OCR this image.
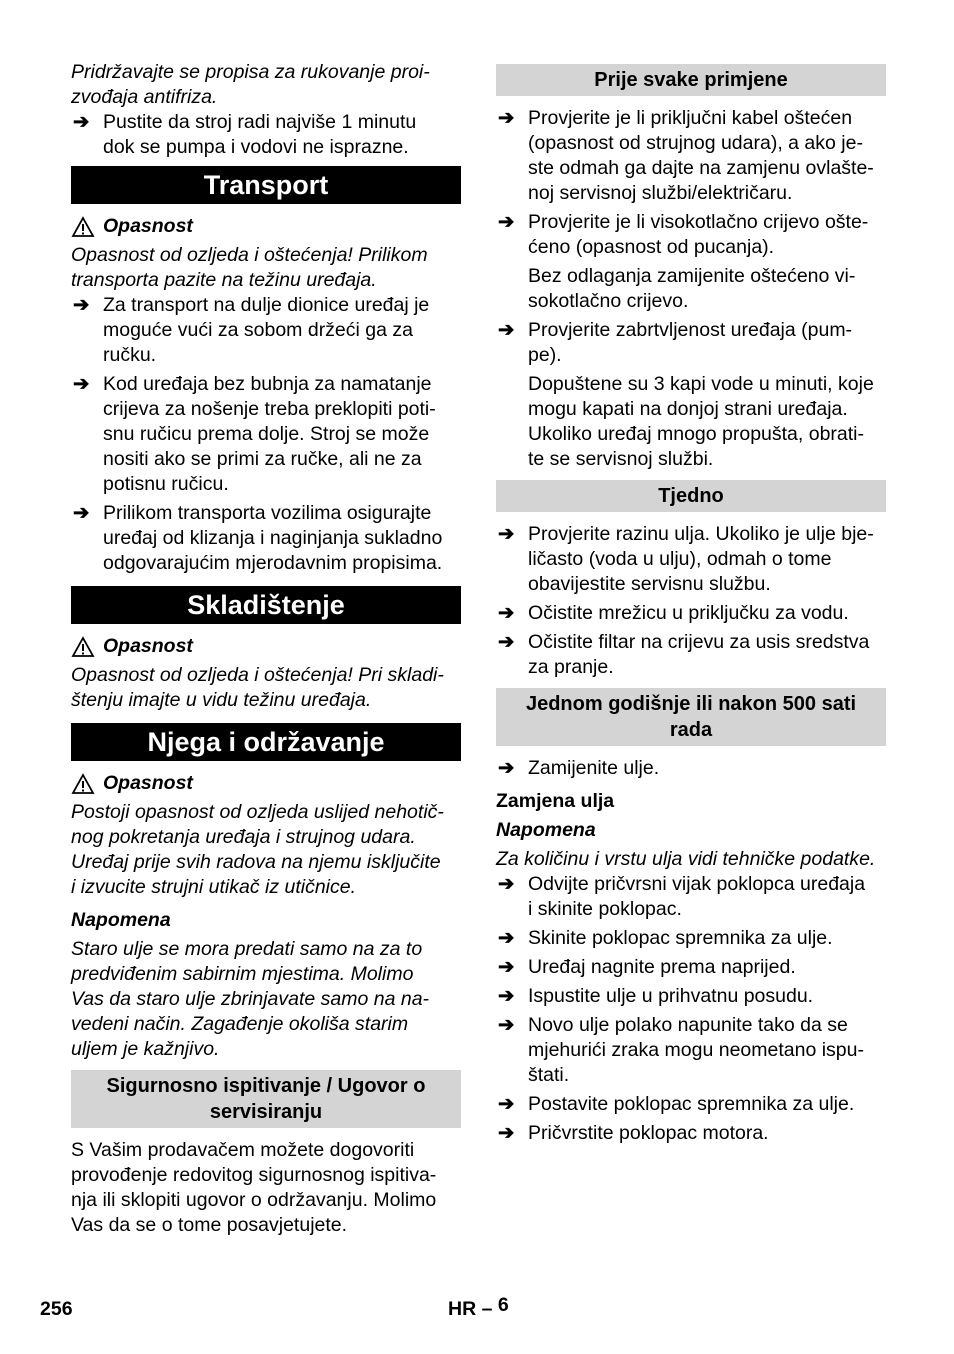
Pridržavajte se propisa za rukovanje proi-
zvođaja antifriza.

➔ Pustite da stroj radi najviše 1 minutu
dok se pumpa i vodovi ne isprazne.
Transport
Opasnost

Opasnost od ozljeda i oštećenja! Prilikom
transporta pazite na težinu uređaja.

➔ Za transport na dulje dionice uređaj je
moguće vući za sobom držeći ga za ručku.
➔ Kod uređaja bez bubnja za namatanje
crijeva za nošenje treba preklopiti poti-
snu ručicu prema dolje. Stroj se može
nositi ako se primi za ručke, ali ne za
potisnu ručicu.
➔ Prilikom transporta vozilima osigurajte
uređaj od klizanja i naginjanja sukladno
odgovarajućim mjerodavnim propisima.
Skladištenje
Opasnost

Opasnost od ozljeda i oštećenja! Pri skladi-
štenju imajte u vidu težinu uređaja.

Njega i održavanje
Opasnost

Postoji opasnost od ozljeda uslijed nehotič-
nog pokretanja uređaja i strujnog udara.
Uređaj prije svih radova na njemu isključite
i izvucite strujni utikač iz utičnice.

Napomena

Staro ulje se mora predati samo na za to
predviđenim sabirnim mjestima. Molimo
Vas da staro ulje zbrinjavate samo na na-
vedeni način. Zagađenje okoliša starim
uljem je kažnjivo.

Sigurnosno ispitivanje / Ugovor o
servisiranju

S Vašim prodavačem možete dogovoriti
provođenje redovitog sigurnosnog ispitiva-
nja ili sklopiti ugovor o održavanju. Molimo
Vas da se o tome posavjetujete.

Prije svake primjene
➔ Provjerite je li priključni kabel oštećen
(opasnost od strujnog udara), a ako je-
ste odmah ga dajte na zamjenu ovlašte-
noj servisnoj službi/električaru.
➔ Provjerite je li visokotlačno crijevo ošte-
ćeno (opasnost od pucanja).

Bez odlaganja zamijenite oštećeno vi-
sokotlačno crijevo.

➔ Provjerite zabrtvljenost uređaja (pum-
pe).

Dopuštene su 3 kapi vode u minuti, koje
mogu kapati na donjoj strani uređaja.
Ukoliko uređaj mnogo propušta, obrati-
te se servisnoj službi.

Tjedno
➔ Provjerite razinu ulja. Ukoliko je ulje bje-
ličasto (voda u ulju), odmah o tome
obavijestite servisnu službu.
➔ Očistite mrežicu u priključku za vodu.
➔ Očistite filtar na crijevu za usis sredstva
za pranje.
Jednom godišnje ili nakon 500 sati
rada
➔ Zamijenite ulje.

Zamjena ulja

Napomena

Za količinu i vrstu ulja vidi tehničke podatke.

➔ Odvijte pričvrsni vijak poklopca uređaja
i skinite poklopac.
➔ Skinite poklopac spremnika za ulje.
➔ Uređaj nagnite prema naprijed.
➔ Ispustite ulje u prihvatnu posudu.
➔ Novo ulje polako napunite tako da se
mjehurići zraka mogu neometano ispu-
štati.
➔ Postavite poklopac spremnika za ulje.
➔ Pričvrstite poklopac motora.
256	HR – 6
